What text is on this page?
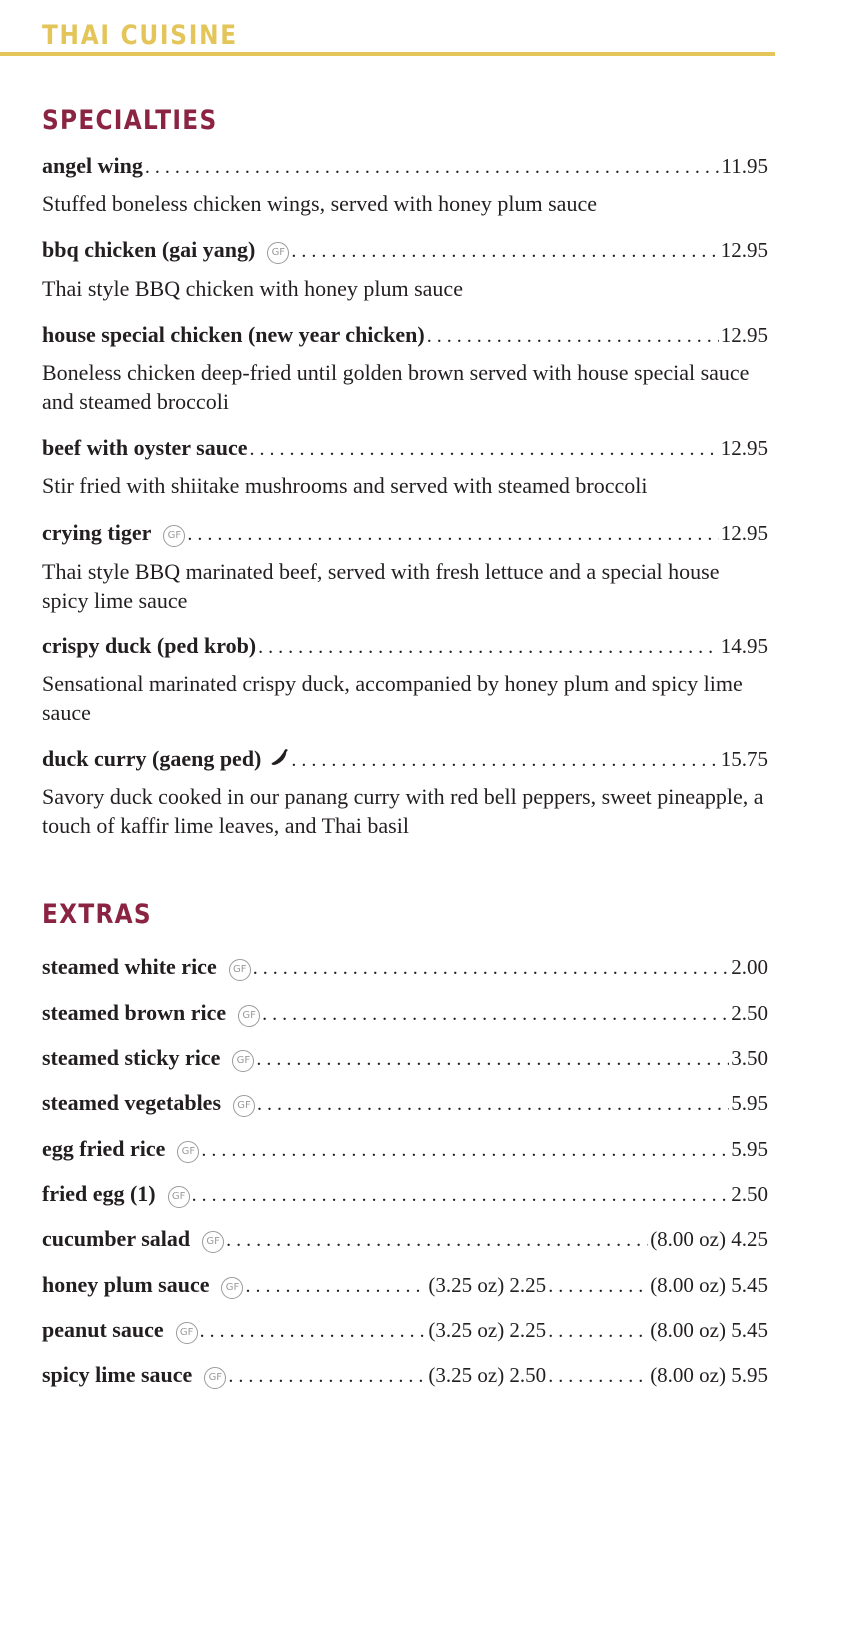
THAI CUISINE
SPECIALTIES
angel wing . . .	11.95
Stuffed boneless chicken wings, served with honey plum sauce
bbq chicken (gai yang)	GF . . .	12.95
Thai style BBQ chicken with honey plum sauce
house special chicken (new year chicken) . . .	12.95
Boneless chicken deep-fried until golden brown served with house special sauce and steamed broccoli
beef with oyster sauce . . .	12.95
Stir fried with shiitake mushrooms and served with steamed broccoli
crying tiger	GF . . .	12.95
Thai style BBQ marinated beef, served with fresh lettuce and a special house spicy lime sauce
crispy duck (ped krob) . . .	14.95
Sensational marinated crispy duck, accompanied by honey plum and spicy lime sauce
duck curry (gaeng ped) . . .	15.75
Savory duck cooked in our panang curry with red bell peppers, sweet pineapple, a touch of kaffir lime leaves, and Thai basil
EXTRAS
steamed white rice	GF . . .	2.00
steamed brown rice	GF . . .	2.50
steamed sticky rice	GF . . .	3.50
steamed vegetables	GF . . .	5.95
egg fried rice	GF . . .	5.95
fried egg (1)	GF . . .	2.50
cucumber salad	GF . . .	(8.00 oz) 4.25
honey plum sauce	GF . . .	(3.25 oz) 2.25 . . .	(8.00 oz) 5.45
peanut sauce	GF . . .	(3.25 oz) 2.25 . . .	(8.00 oz) 5.45
spicy lime sauce	GF . . .	(3.25 oz) 2.50 . . .	(8.00 oz) 5.95
